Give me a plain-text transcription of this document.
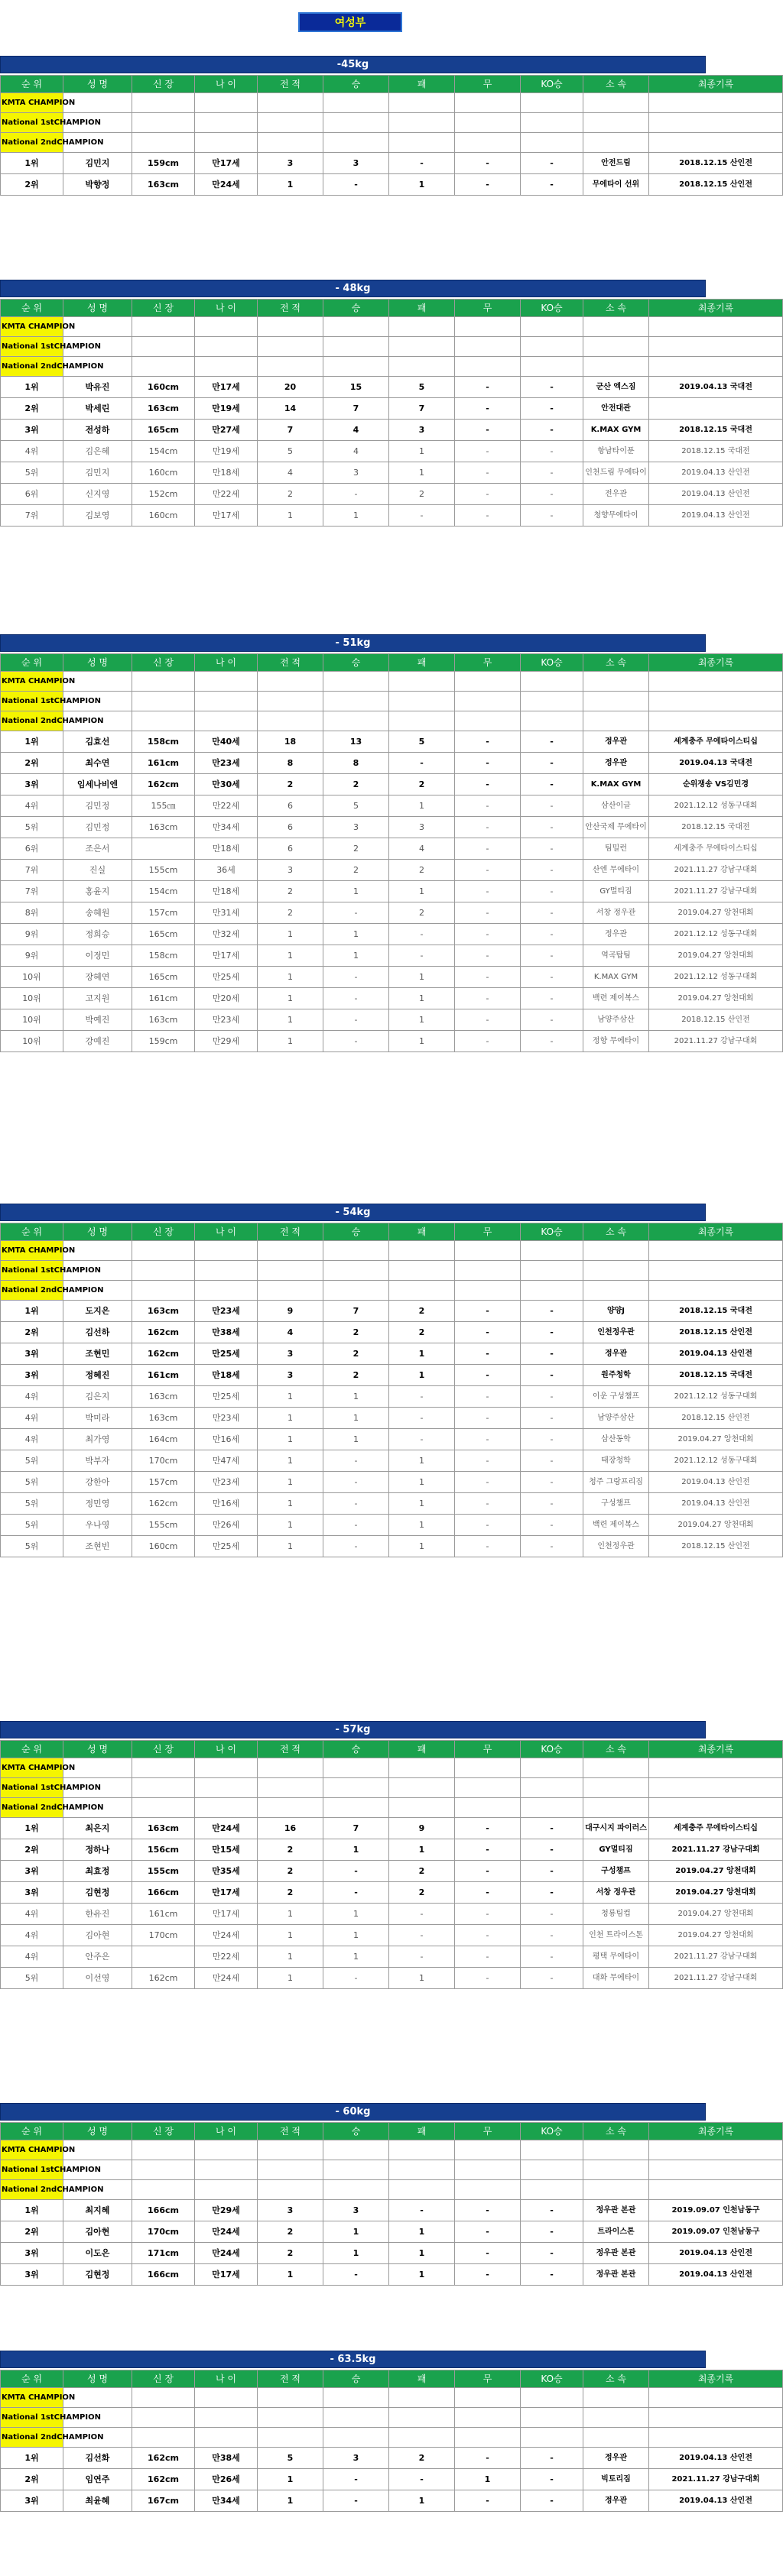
여성부
-45kg
순 위	성 명	신 장	나 이	전 적	승	패	무	KO승	소 속	최종기록
KMTA CHAMPION										
National 1stCHAMPION										
National 2ndCHAMPION										
1위	김민지	159cm	만17세	3	3	-	-	-	안전드림	2018.12.15 산인전
2위	박향정	163cm	만24세	1	-	1	-	-	무에타이 선위	2018.12.15 산인전
- 48kg
순 위	성 명	신 장	나 이	전 적	승	패	무	KO승	소 속	최종기록
KMTA CHAMPION										
National 1stCHAMPION										
National 2ndCHAMPION										
1위	박유진	160cm	만17세	20	15	5	-	-	군산 엑스짐	2019.04.13 국대전
2위	박세린	163cm	만19세	14	7	7	-	-	안전대관	
3위	전성하	165cm	만27세	7	4	3	-	-	K.MAX GYM	2018.12.15 국대전
4위	김은혜	154cm	만19세	5	4	1	-	-	항남타이푼	2018.12.15 국대전
5위	김민지	160cm	만18세	4	3	1	-	-	인천드림 무에타이	2019.04.13 산인전
6위	신지영	152cm	만22세	2	-	2	-	-	전우관	2019.04.13 산인전
7위	김보영	160cm	만17세	1	1	-	-	-	청향무에타이	2019.04.13 산인전
- 51kg
순 위	성 명	신 장	나 이	전 적	승	패	무	KO승	소 속	최종기록
KMTA CHAMPION										
National 1stCHAMPION										
National 2ndCHAMPION										
1위	김효선	158cm	만40세	18	13	5	-	-	정우관	세계충주 무에타이스티십
2위	최수연	161cm	만23세	8	8	-	-	-	정우관	2019.04.13 국대전
3위	임세나비엔	162cm	만30세	2	2	2	-	-	K.MAX GYM	순위쟁송 VS김민경
4위	김민정	155㎝	만22세	6	5	1	-	-	삼산이글	2021.12.12 성동구대회
5위	김민정	163cm	만34세	6	3	3	-	-	안산국제 무에타이	2018.12.15 국대전
6위	조은서		만18세	6	2	4	-	-	팀밀런	세계충주 무에타이스티십
7위	진실	155cm	36세	3	2	2	-	-	산엔 무에타이	2021.11.27 강남구대회
7위	홍윤지	154cm	만18세	2	1	1	-	-	GY멀티짐	2021.11.27 강남구대회
8위	송혜원	157cm	만31세	2	-	2	-	-	서창 정우관	2019.04.27 앙천대회
9위	정희승	165cm	만32세	1	1	-	-	-	정우관	2021.12.12 성동구대회
9위	이정민	158cm	만17세	1	1	-	-	-	역곡탑팀	2019.04.27 앙천대회
10위	장혜연	165cm	만25세	1	-	1	-	-	K.MAX GYM	2021.12.12 성동구대회
10위	고지원	161cm	만20세	1	-	1	-	-	백련 제이복스	2019.04.27 앙천대회
10위	박예진	163cm	만23세	1	-	1	-	-	남양주삼산	2018.12.15 산인전
10위	강예진	159cm	만29세	1	-	1	-	-	정향 무에타이	2021.11.27 강남구대회
- 54kg
순 위	성 명	신 장	나 이	전 적	승	패	무	KO승	소 속	최종기록
KMTA CHAMPION										
National 1stCHAMPION										
National 2ndCHAMPION										
1위	도지은	163cm	만23세	9	7	2	-	-	양양J	2018.12.15 국대전
2위	김선하	162cm	만38세	4	2	2	-	-	인천정우관	2018.12.15 산인전
3위	조현민	162cm	만25세	3	2	1	-	-	정우관	2019.04.13 산인전
3위	정혜진	161cm	만18세	3	2	1	-	-	원주청학	2018.12.15 국대전
4위	김은지	163cm	만25세	1	1	-	-	-	이운 구성챔프	2021.12.12 성동구대회
4위	박미라	163cm	만23세	1	1	-	-	-	남양주삼산	2018.12.15 산인전
4위	최가영	164cm	만16세	1	1	-	-	-	삼산동학	2019.04.27 앙천대회
5위	박부자	170cm	만47세	1	-	1	-	-	태장청학	2021.12.12 성동구대회
5위	강한아	157cm	만23세	1	-	1	-	-	청주 그랑프리짐	2019.04.13 산인전
5위	정민영	162cm	만16세	1	-	1	-	-	구성챔프	2019.04.13 산인전
5위	우나영	155cm	만26세	1	-	1	-	-	백련 제이복스	2019.04.27 앙천대회
5위	조현빈	160cm	만25세	1	-	1	-	-	인천정우관	2018.12.15 산인전
- 57kg
순 위	성 명	신 장	나 이	전 적	승	패	무	KO승	소 속	최종기록
KMTA CHAMPION										
National 1stCHAMPION										
National 2ndCHAMPION										
1위	최은지	163cm	만24세	16	7	9	-	-	대구시지 파이러스	세계충주 무에타이스티십
2위	정하나	156cm	만15세	2	1	1	-	-	GY멀티짐	2021.11.27 강남구대회
3위	최효정	155cm	만35세	2	-	2	-	-	구성챔프	2019.04.27 앙천대회
3위	김현정	166cm	만17세	2	-	2	-	-	서창 정우관	2019.04.27 앙천대회
4위	한유진	161cm	만17세	1	1	-	-	-	청룡팀컵	2019.04.27 앙천대회
4위	김아현	170cm	만24세	1	1	-	-	-	인천 트라이스톤	2019.04.27 앙천대회
4위	안주은		만22세	1	1	-	-	-	평택 무에타이	2021.11.27 강남구대회
5위	이선영	162cm	만24세	1	-	1	-	-	대화 무에타이	2021.11.27 강남구대회
- 60kg
순 위	성 명	신 장	나 이	전 적	승	패	무	KO승	소 속	최종기록
KMTA CHAMPION										
National 1stCHAMPION										
National 2ndCHAMPION										
1위	최지혜	166cm	만29세	3	3	-	-	-	정우관 본관	2019.09.07 인천남동구
2위	김아현	170cm	만24세	2	1	1	-	-	트라이스톤	2019.09.07 인천남동구
3위	이도은	171cm	만24세	2	1	1	-	-	정우관 본관	2019.04.13 산인전
3위	김현정	166cm	만17세	1	-	1	-	-	정우관 본관	2019.04.13 산인전
- 63.5kg
순 위	성 명	신 장	나 이	전 적	승	패	무	KO승	소 속	최종기록
KMTA CHAMPION										
National 1stCHAMPION										
National 2ndCHAMPION										
1위	김선화	162cm	만38세	5	3	2	-	-	정우관	2019.04.13 산인전
2위	임연주	162cm	만26세	1	-	-	1	-	빅토리짐	2021.11.27 강남구대회
3위	최윤혜	167cm	만34세	1	-	1	-	-	정우관	2019.04.13 산인전
